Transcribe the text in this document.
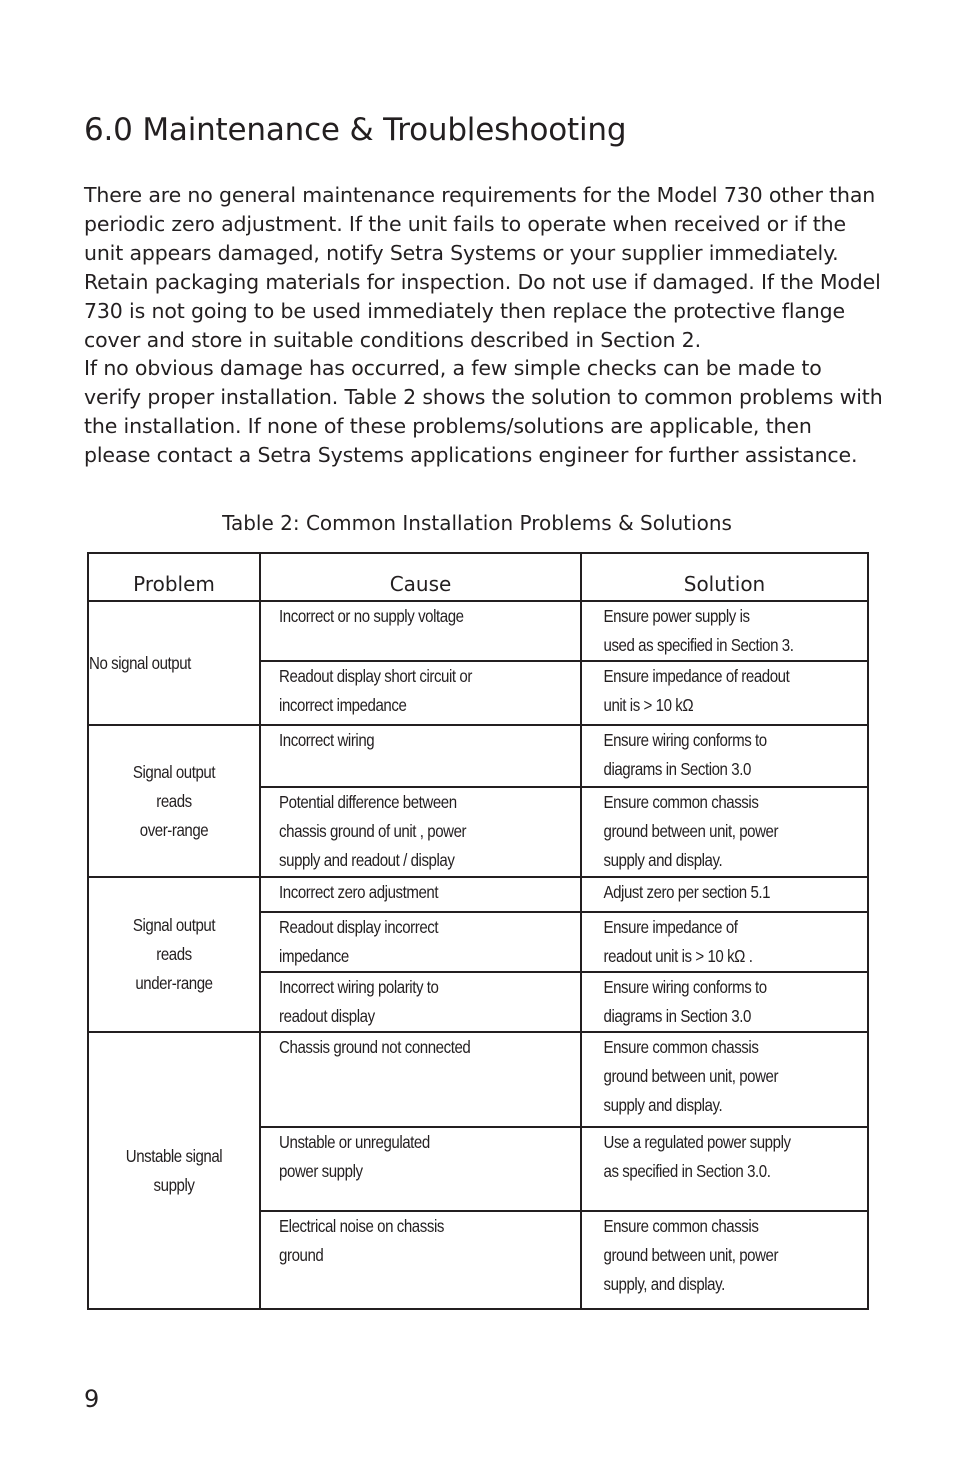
6.0 Maintenance & Troubleshooting

There are no general maintenance requirements for the Model 730 other than periodic zero adjustment. If the unit fails to operate when received or if the unit appears damaged, notify Setra Systems or your supplier immediately. Retain packaging materials for inspection. Do not use if damaged. If the Model 730 is not going to be used immediately then replace the protective flange cover and store in suitable conditions described in Section 2.

If no obvious damage has occurred, a few simple checks can be made to verify proper installation. Table 2 shows the solution to common problems with the installation. If none of these problems/solutions are applicable, then please contact a Setra Systems applications engineer for further assistance.

Table 2: Common Installation Problems & Solutions

Problem	Cause	Solution

No signal output	Incorrect or no supply voltage	Ensure power supply is
used as specified in Section 3.

	Readout display short circuit or
incorrect impedance	Ensure impedance of readout
unit is > 10 kΩ

Signal output
reads
over-range	Incorrect wiring	Ensure wiring conforms to
diagrams in Section 3.0

	Potential difference between
chassis ground of unit , power
supply and readout / display	Ensure common chassis
ground between unit, power
supply and display.

Signal output
reads
under-range	Incorrect zero adjustment	Adjust zero per section 5.1

	Readout display incorrect
impedance	Ensure impedance of
readout unit is > 10 kΩ .

	Incorrect wiring polarity to
readout display	Ensure wiring conforms to
diagrams in Section 3.0

Unstable signal
supply	Chassis ground not connected	Ensure common chassis
ground between unit, power
supply and display.

	Unstable or unregulated
power supply	Use a regulated power supply
as specified in Section 3.0.

	Electrical noise on chassis
ground	Ensure common chassis
ground between unit, power
supply, and display.

9
